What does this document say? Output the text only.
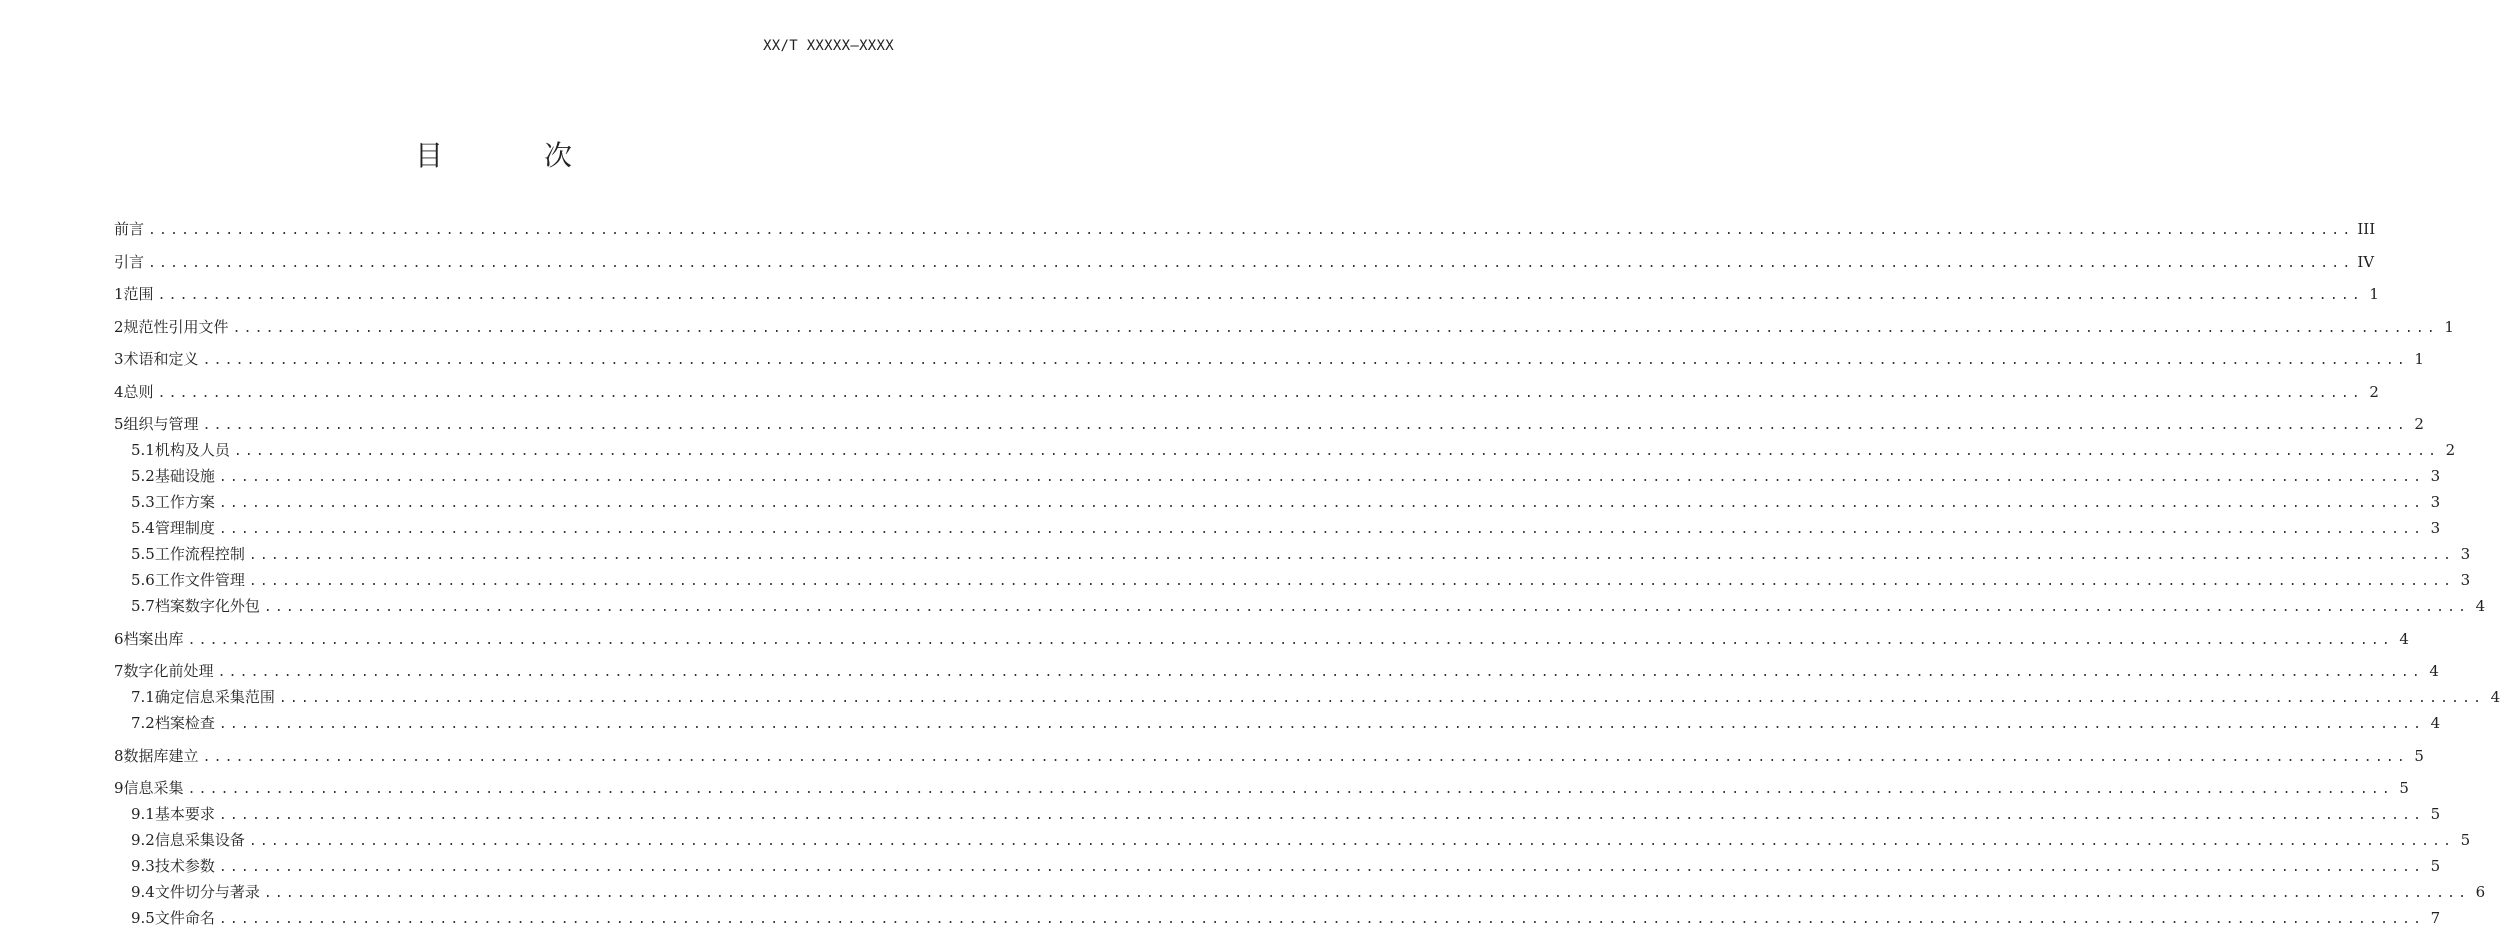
XX/T XXXXX—XXXX
目 次
前言 ........................................................................................................................................................................................................ III
引言 ........................................................................................................................................................................................................ IV
1 范围 ........................................................................................................................................................................................................ 1
2 规范性引用文件 ........................................................................................................................................................................................................ 1
3 术语和定义 ........................................................................................................................................................................................................ 1
4 总则 ........................................................................................................................................................................................................ 2
5 组织与管理 ........................................................................................................................................................................................................ 2
5.1 机构及人员 ........................................................................................................................................................................................................ 2
5.2 基础设施 ........................................................................................................................................................................................................ 3
5.3 工作方案 ........................................................................................................................................................................................................ 3
5.4 管理制度 ........................................................................................................................................................................................................ 3
5.5 工作流程控制 ........................................................................................................................................................................................................ 3
5.6 工作文件管理 ........................................................................................................................................................................................................ 3
5.7 档案数字化外包 ........................................................................................................................................................................................................ 4
6 档案出库 ........................................................................................................................................................................................................ 4
7 数字化前处理 ........................................................................................................................................................................................................ 4
7.1 确定信息采集范围 ........................................................................................................................................................................................................ 4
7.2 档案检查 ........................................................................................................................................................................................................ 4
8 数据库建立 ........................................................................................................................................................................................................ 5
9 信息采集 ........................................................................................................................................................................................................ 5
9.1 基本要求 ........................................................................................................................................................................................................ 5
9.2 信息采集设备 ........................................................................................................................................................................................................ 5
9.3 技术参数 ........................................................................................................................................................................................................ 5
9.4 文件切分与著录 ........................................................................................................................................................................................................ 6
9.5 文件命名 ........................................................................................................................................................................................................ 7
